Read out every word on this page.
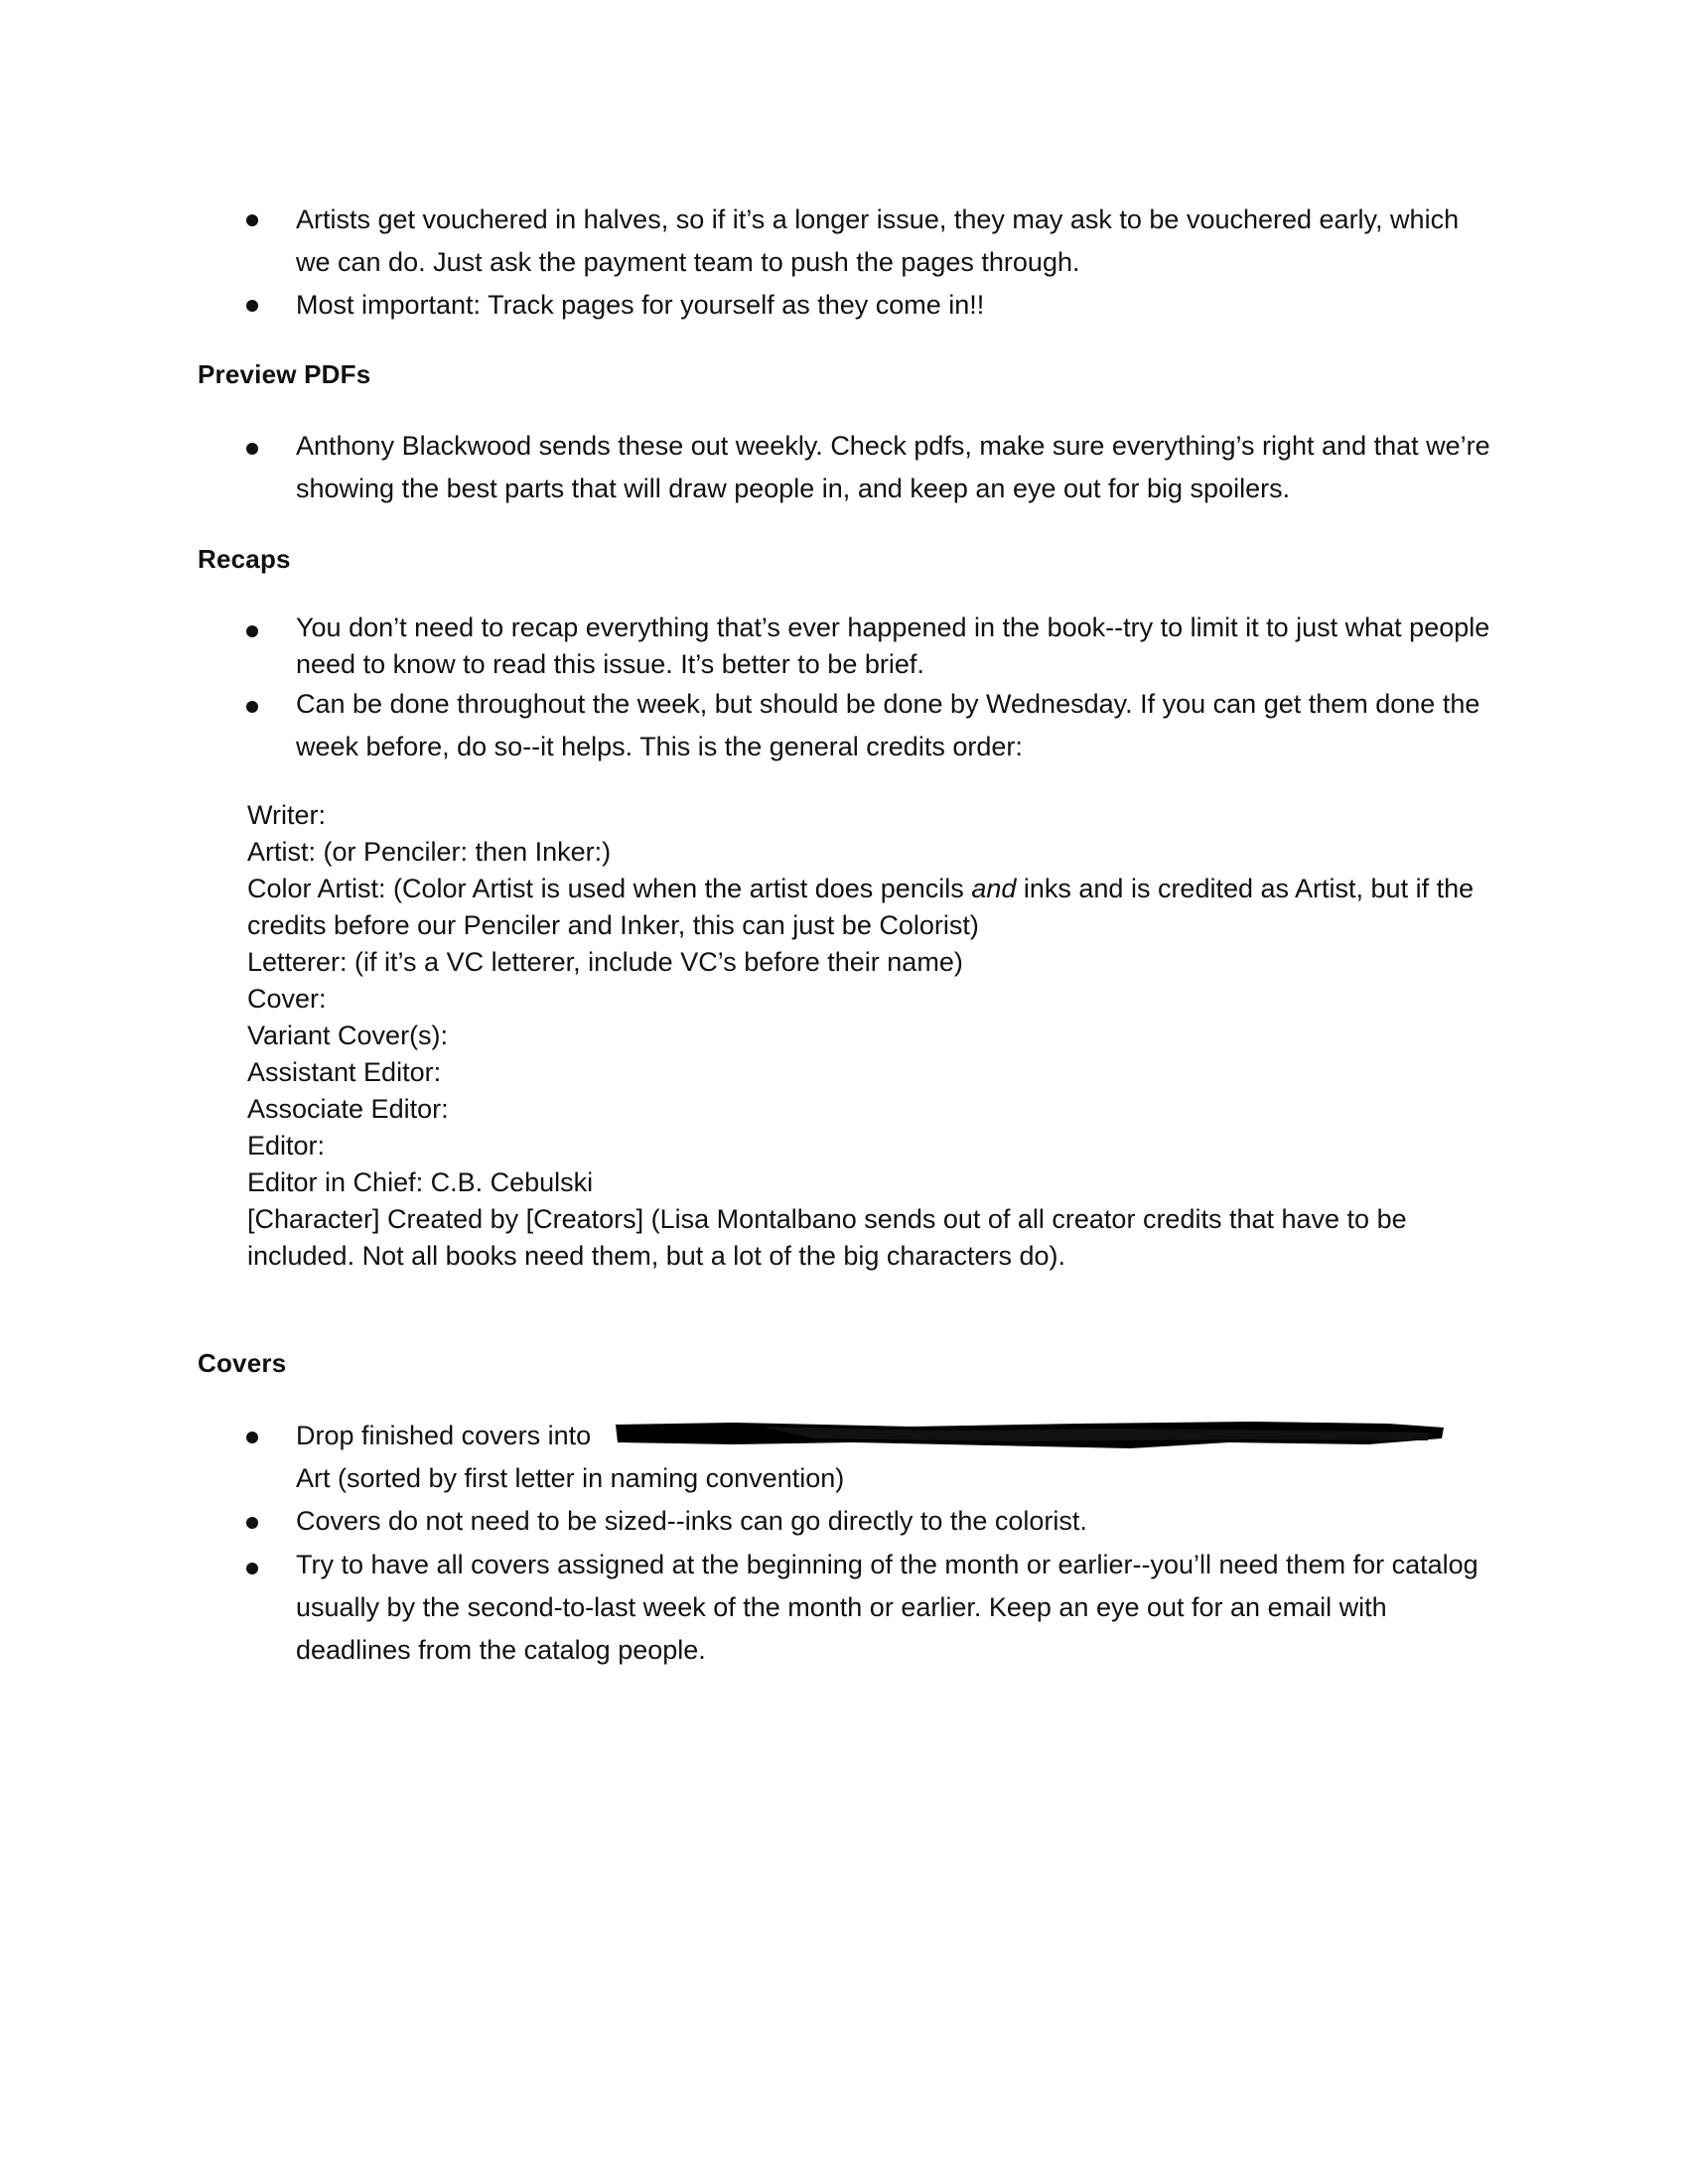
Artists get vouchered in halves, so if it’s a longer issue, they may ask to be vouchered early, which we can do. Just ask the payment team to push the pages through.
Most important: Track pages for yourself as they come in!!
Preview PDFs
Anthony Blackwood sends these out weekly. Check pdfs, make sure everything’s right and that we’re showing the best parts that will draw people in, and keep an eye out for big spoilers.
Recaps
You don’t need to recap everything that’s ever happened in the book--try to limit it to just what people need to know to read this issue. It’s better to be brief.
Can be done throughout the week, but should be done by Wednesday. If you can get them done the week before, do so--it helps. This is the general credits order:
Writer:
Artist: (or Penciler: then Inker:)
Color Artist: (Color Artist is used when the artist does pencils and inks and is credited as Artist, but if the credits before our Penciler and Inker, this can just be Colorist)
Letterer: (if it’s a VC letterer, include VC’s before their name)
Cover:
Variant Cover(s):
Assistant Editor:
Associate Editor:
Editor:
Editor in Chief: C.B. Cebulski
[Character] Created by [Creators] (Lisa Montalbano sends out of all creator credits that have to be included. Not all books need them, but a lot of the big characters do).
Covers
Drop finished covers into
Art (sorted by first letter in naming convention)
Covers do not need to be sized--inks can go directly to the colorist.
Try to have all covers assigned at the beginning of the month or earlier--you’ll need them for catalog usually by the second-to-last week of the month or earlier. Keep an eye out for an email with deadlines from the catalog people.
